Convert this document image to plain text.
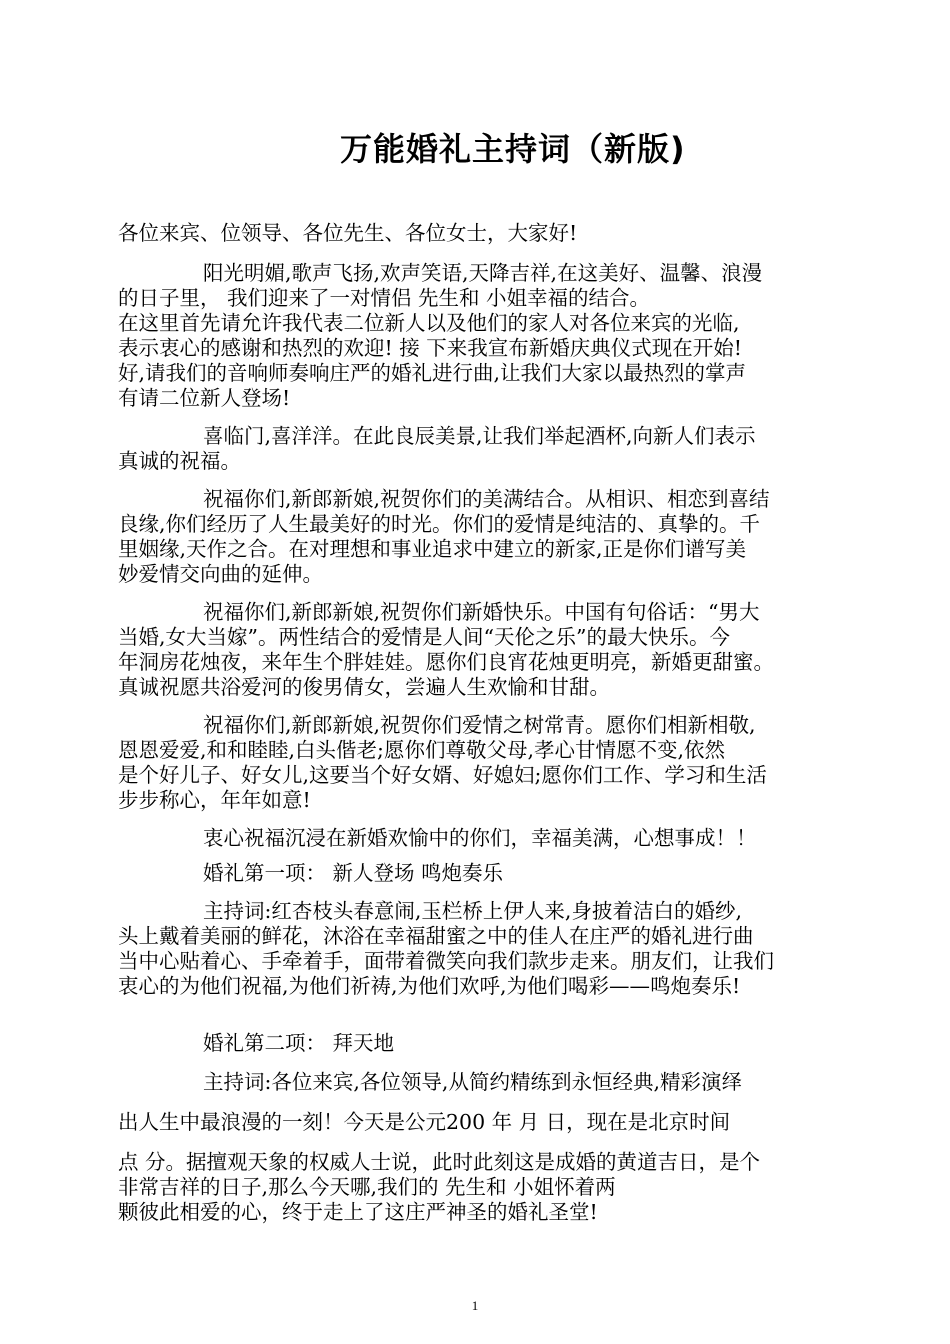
万能婚礼主持词（新版)
各位来宾、位领导、各位先生、各位女士，大家好!
阳光明媚,歌声飞扬,欢声笑语,天降吉祥,在这美好、温馨、浪漫
的日子里， 我们迎来了一对情侣 先生和 小姐幸福的结合。
在这里首先请允许我代表二位新人以及他们的家人对各位来宾的光临,
表示衷心的感谢和热烈的欢迎! 接 下来我宣布新婚庆典仪式现在开始!
好,请我们的音响师奏响庄严的婚礼进行曲,让我们大家以最热烈的掌声
有请二位新人登场!
喜临门,喜洋洋。在此良辰美景,让我们举起酒杯,向新人们表示
真诚的祝福。
祝福你们,新郎新娘,祝贺你们的美满结合。从相识、相恋到喜结
良缘,你们经历了人生最美好的时光。你们的爱情是纯洁的、真挚的。千
里姻缘,天作之合。在对理想和事业追求中建立的新家,正是你们谱写美
妙爱情交向曲的延伸。
祝福你们,新郎新娘,祝贺你们新婚快乐。中国有句俗话：“男大
当婚,女大当嫁”。两性结合的爱情是人间“天伦之乐”的最大快乐。今
年洞房花烛夜，来年生个胖娃娃。愿你们良宵花烛更明亮，新婚更甜蜜。
真诚祝愿共浴爱河的俊男倩女，尝遍人生欢愉和甘甜。
祝福你们,新郎新娘,祝贺你们爱情之树常青。愿你们相新相敬,
恩恩爱爱,和和睦睦,白头偕老;愿你们尊敬父母,孝心甘情愿不变,依然
是个好儿子、好女儿,这要当个好女婿、好媳妇;愿你们工作、学习和生活
步步称心，年年如意!
衷心祝福沉浸在新婚欢愉中的你们，幸福美满，心想事成！！
婚礼第一项： 新人登场 鸣炮奏乐
主持词:红杏枝头春意闹,玉栏桥上伊人来,身披着洁白的婚纱,
头上戴着美丽的鲜花，沐浴在幸福甜蜜之中的佳人在庄严的婚礼进行曲
当中心贴着心、手牵着手，面带着微笑向我们款步走来。朋友们，让我们
衷心的为他们祝福,为他们祈祷,为他们欢呼,为他们喝彩——鸣炮奏乐!
婚礼第二项： 拜天地
主持词:各位来宾,各位领导,从简约精练到永恒经典,精彩演绎
出人生中最浪漫的一刻！今天是公元200 年 月 日，现在是北京时间
点 分。据擅观天象的权威人士说，此时此刻这是成婚的黄道吉日，是个
非常吉祥的日子,那么今天哪,我们的 先生和 小姐怀着两
颗彼此相爱的心，终于走上了这庄严神圣的婚礼圣堂!
1
